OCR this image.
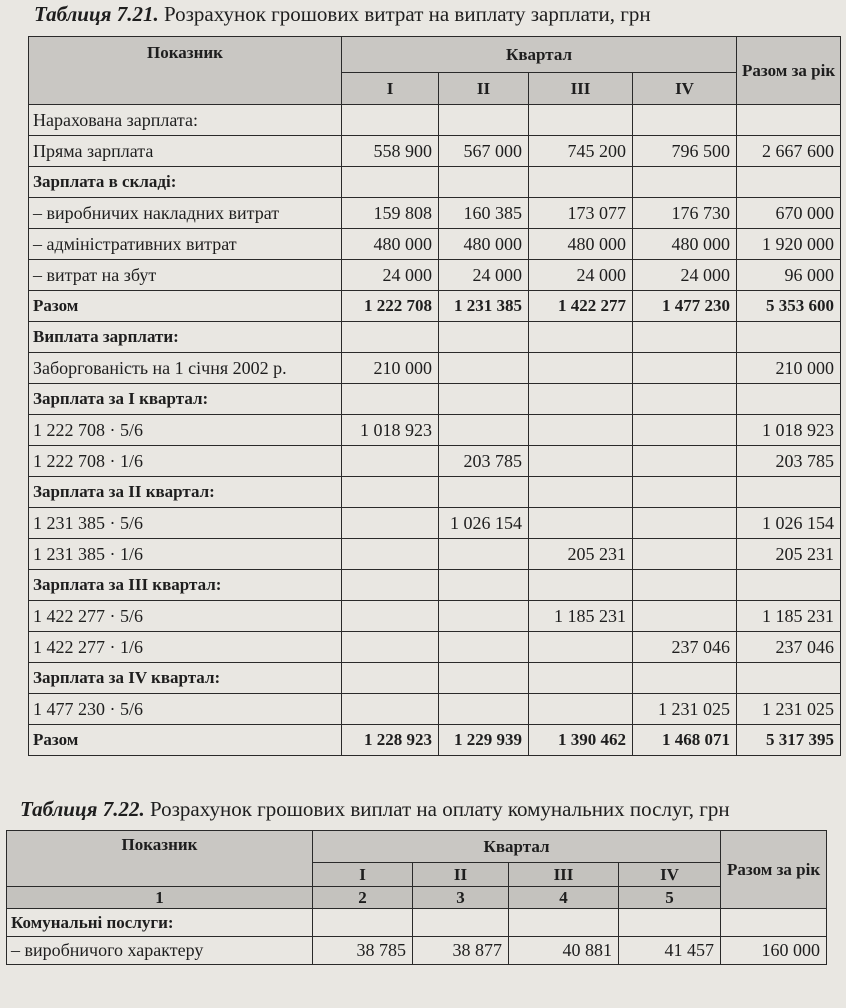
Таблиця 7.21. Розрахунок грошових витрат на виплату зарплати, грн
Показник	Квартал				Разом за рік
	I	II	III	IV	
Нарахована зарплата:					
Пряма зарплата	558 900	567 000	745 200	796 500	2 667 600
Зарплата в складі:					
– виробничих накладних витрат	159 808	160 385	173 077	176 730	670 000
– адміністративних витрат	480 000	480 000	480 000	480 000	1 920 000
– витрат на збут	24 000	24 000	24 000	24 000	96 000
Разом	1 222 708	1 231 385	1 422 277	1 477 230	5 353 600
Виплата зарплати:					
Заборгованість на 1 січня 2002 р.	210 000				210 000
Зарплата за I квартал:					
1 222 708 · 5/6	1 018 923				1 018 923
1 222 708 · 1/6		203 785			203 785
Зарплата за II квартал:					
1 231 385 · 5/6		1 026 154			1 026 154
1 231 385 · 1/6			205 231		205 231
Зарплата за III квартал:					
1 422 277 · 5/6			1 185 231		1 185 231
1 422 277 · 1/6				237 046	237 046
Зарплата за IV квартал:					
1 477 230 · 5/6				1 231 025	1 231 025
Разом	1 228 923	1 229 939	1 390 462	1 468 071	5 317 395
Таблиця 7.22. Розрахунок грошових виплат на оплату комунальних послуг, грн
Показник	Квартал				Разом за рік
	I	II	III	IV	
1	2	3	4	5	
Комунальні послуги:					
– виробничого характеру	38 785	38 877	40 881	41 457	160 000
